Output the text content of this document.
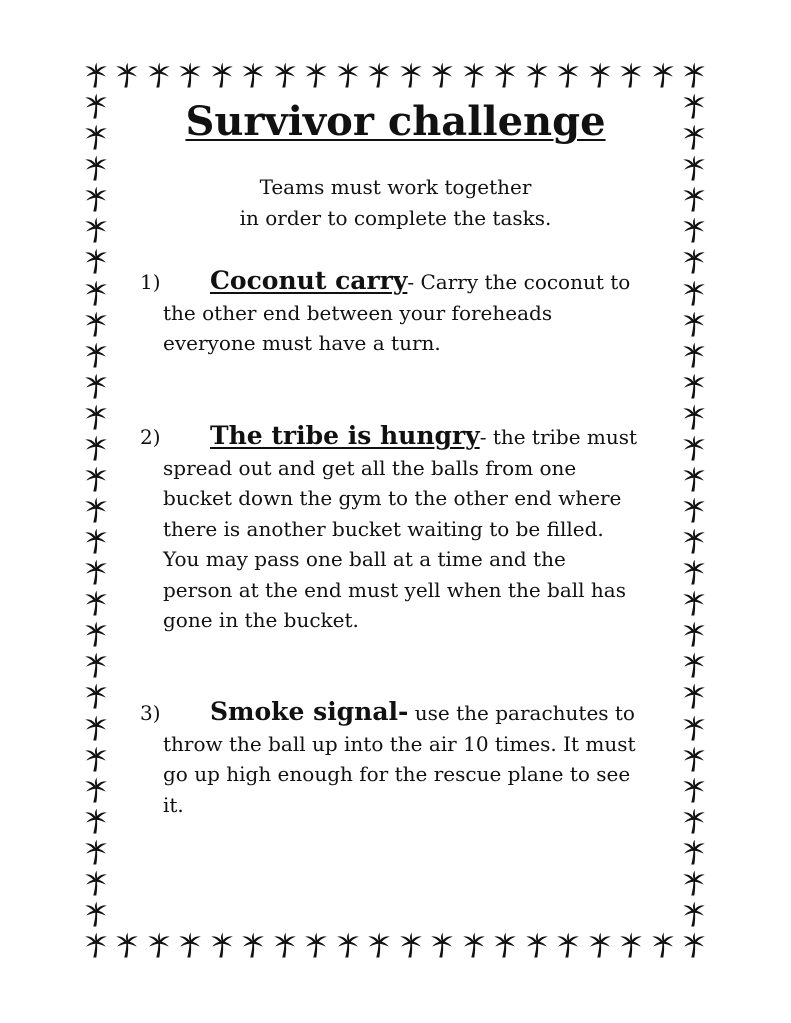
Survivor challenge
Teams must work together
in order to complete the tasks.
1) Coconut carry- Carry the coconut to
the other end between your foreheads
everyone must have a turn.
2) The tribe is hungry- the tribe must
spread out and get all the balls from one
bucket down the gym to the other end where
there is another bucket waiting to be filled.
You may pass one ball at a time and the
person at the end must yell when the ball has
gone in the bucket.
3) Smoke signal- use the parachutes to
throw the ball up into the air 10 times. It must
go up high enough for the rescue plane to see
it.
